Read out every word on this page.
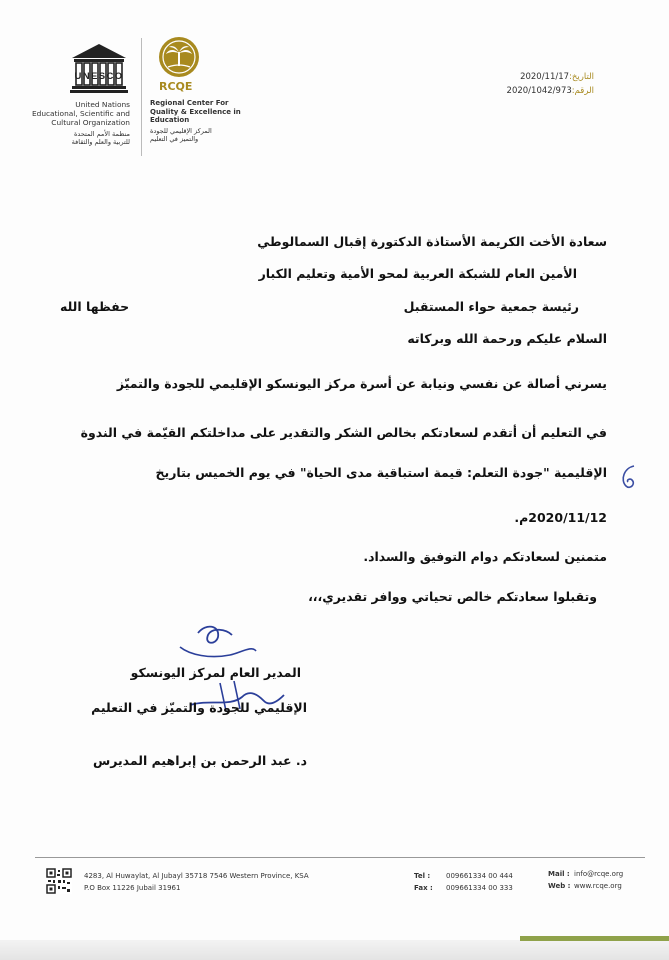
UNESCO
United Nations
Educational, Scientific and
Cultural Organization
منظمة الأمم المتحدة
للتربية والعلم والثقافة
RCQE
Regional Center For
Quality & Excellence in
Education
المركز الإقليمي للجودة
والتميز في التعليم
التاريخ:2020/11/17
الرقم:2020/1042/973
سعادة الأخت الكريمة الأستاذة الدكتورة إقبال السمالوطي
الأمين العام للشبكة العربية لمحو الأمية وتعليم الكبار
رئيسة جمعية حواء المستقبل
حفظها الله
السلام عليكم ورحمة الله وبركاته
يسرني أصالة عن نفسي ونيابة عن أسرة مركز اليونسكو الإقليمي للجودة والتميّز
في التعليم أن أتقدم لسعادتكم بخالص الشكر والتقدير على مداخلتكم القيّمة في الندوة
الإقليمية "جودة التعلم: قيمة استباقية مدى الحياة" في يوم الخميس بتاريخ
2020/11/12م.
متمنين لسعادتكم دوام التوفيق والسداد.
وتقبلوا سعادتكم خالص تحياتي ووافر تقديري،،،
المدير العام لمركز اليونسكو
الإقليمي للجودة والتميّز في التعليم
د. عبد الرحمن بن إبراهيم المديرس
4283, Al Huwaylat, Al Jubayl 35718 7546 Western Province, KSA
P.O Box 11226 Jubail 31961
Tel : 009661334 00 444
Fax : 009661334 00 333
Mail : info@rcqe.org
Web : www.rcqe.org
